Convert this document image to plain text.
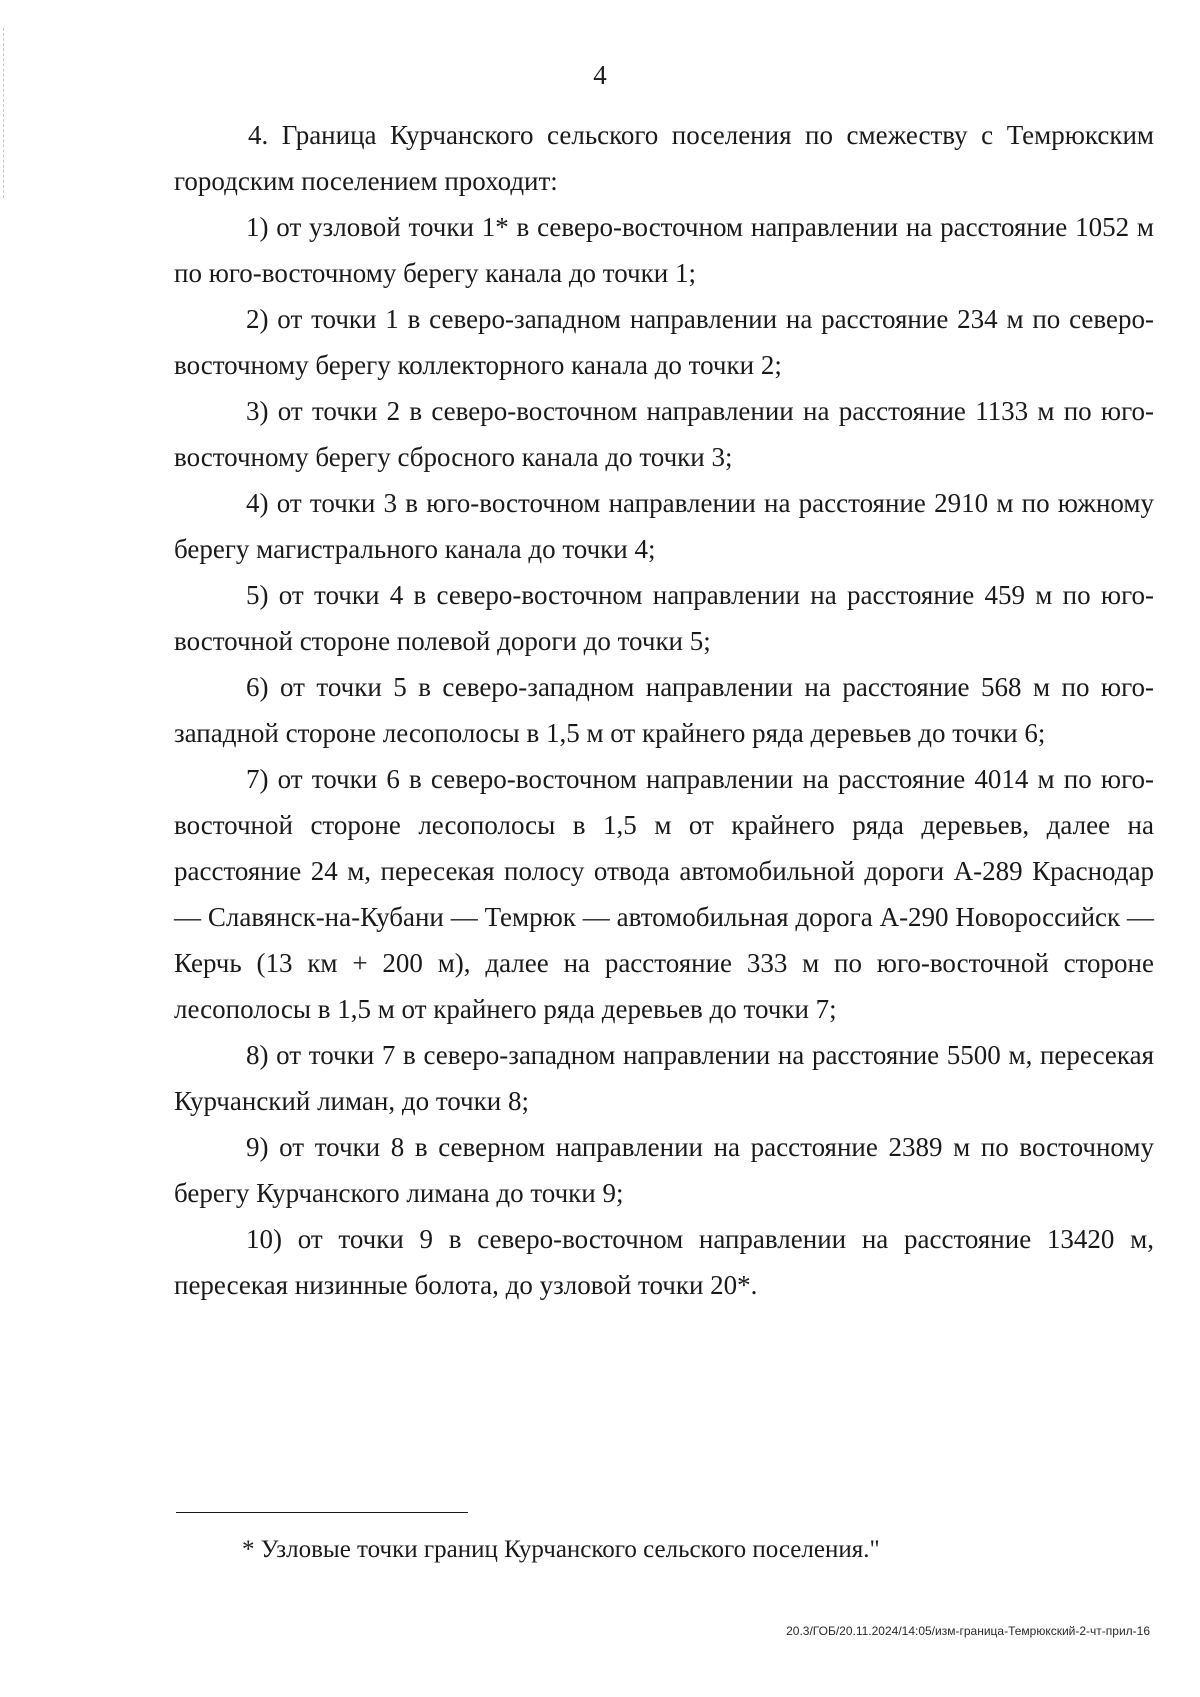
4

4. Граница Курчанского сельского поселения по смежеству с Темрюкским городским поселением проходит:

1) от узловой точки 1* в северо-восточном направлении на расстояние 1052 м по юго-восточному берегу канала до точки 1;

2) от точки 1 в северо-западном направлении на расстояние 234 м по северо-восточному берегу коллекторного канала до точки 2;

3) от точки 2 в северо-восточном направлении на расстояние 1133 м по юго-восточному берегу сбросного канала до точки 3;

4) от точки 3 в юго-восточном направлении на расстояние 2910 м по южному берегу магистрального канала до точки 4;

5) от точки 4 в северо-восточном направлении на расстояние 459 м по юго-восточной стороне полевой дороги до точки 5;

6) от точки 5 в северо-западном направлении на расстояние 568 м по юго-западной стороне лесополосы в 1,5 м от крайнего ряда деревьев до точки 6;

7) от точки 6 в северо-восточном направлении на расстояние 4014 м по юго-восточной стороне лесополосы в 1,5 м от крайнего ряда деревьев, далее на расстояние 24 м, пересекая полосу отвода автомобильной дороги А-289 Краснодар — Славянск-на-Кубани — Темрюк — автомобильная дорога А-290 Новороссийск — Керчь (13 км + 200 м), далее на расстояние 333 м по юго-восточной стороне лесополосы в 1,5 м от крайнего ряда деревьев до точки 7;

8) от точки 7 в северо-западном направлении на расстояние 5500 м, пересекая Курчанский лиман, до точки 8;

9) от точки 8 в северном направлении на расстояние 2389 м по восточному берегу Курчанского лимана до точки 9;

10) от точки 9 в северо-восточном направлении на расстояние 13420 м, пересекая низинные болота, до узловой точки 20*.

* Узловые точки границ Курчанского сельского поселения."
20.3/ГОБ/20.11.2024/14:05/изм-граница-Темрюкский-2-чт-прил-16
